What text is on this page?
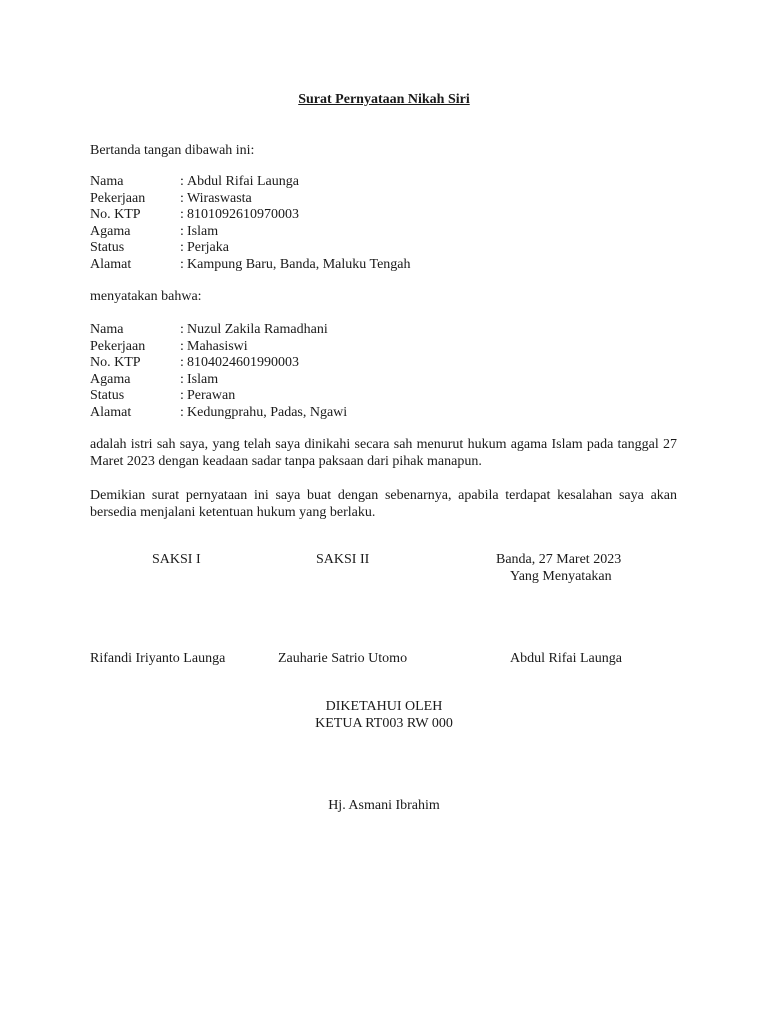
Surat Pernyataan Nikah Siri
Bertanda tangan dibawah ini:
Nama	: Abdul Rifai Launga
Pekerjaan	: Wiraswasta
No. KTP	: 8101092610970003
Agama	: Islam
Status	: Perjaka
Alamat	: Kampung Baru, Banda, Maluku Tengah
menyatakan bahwa:
Nama	: Nuzul Zakila Ramadhani
Pekerjaan	: Mahasiswi
No. KTP	: 8104024601990003
Agama	: Islam
Status	: Perawan
Alamat	: Kedungprahu, Padas, Ngawi
adalah istri sah saya, yang telah saya dinikahi secara sah menurut hukum agama Islam pada tanggal 27 Maret 2023 dengan keadaan sadar tanpa paksaan dari pihak manapun.
Demikian surat pernyataan ini saya buat dengan sebenarnya, apabila terdapat kesalahan saya akan bersedia menjalani ketentuan hukum yang berlaku.
SAKSI I	SAKSI II	Banda, 27 Maret 2023
Yang Menyatakan
Rifandi Iriyanto Launga	Zauharie Satrio Utomo	Abdul Rifai Launga
DIKETAHUI OLEH
KETUA RT003 RW 000
Hj. Asmani Ibrahim
